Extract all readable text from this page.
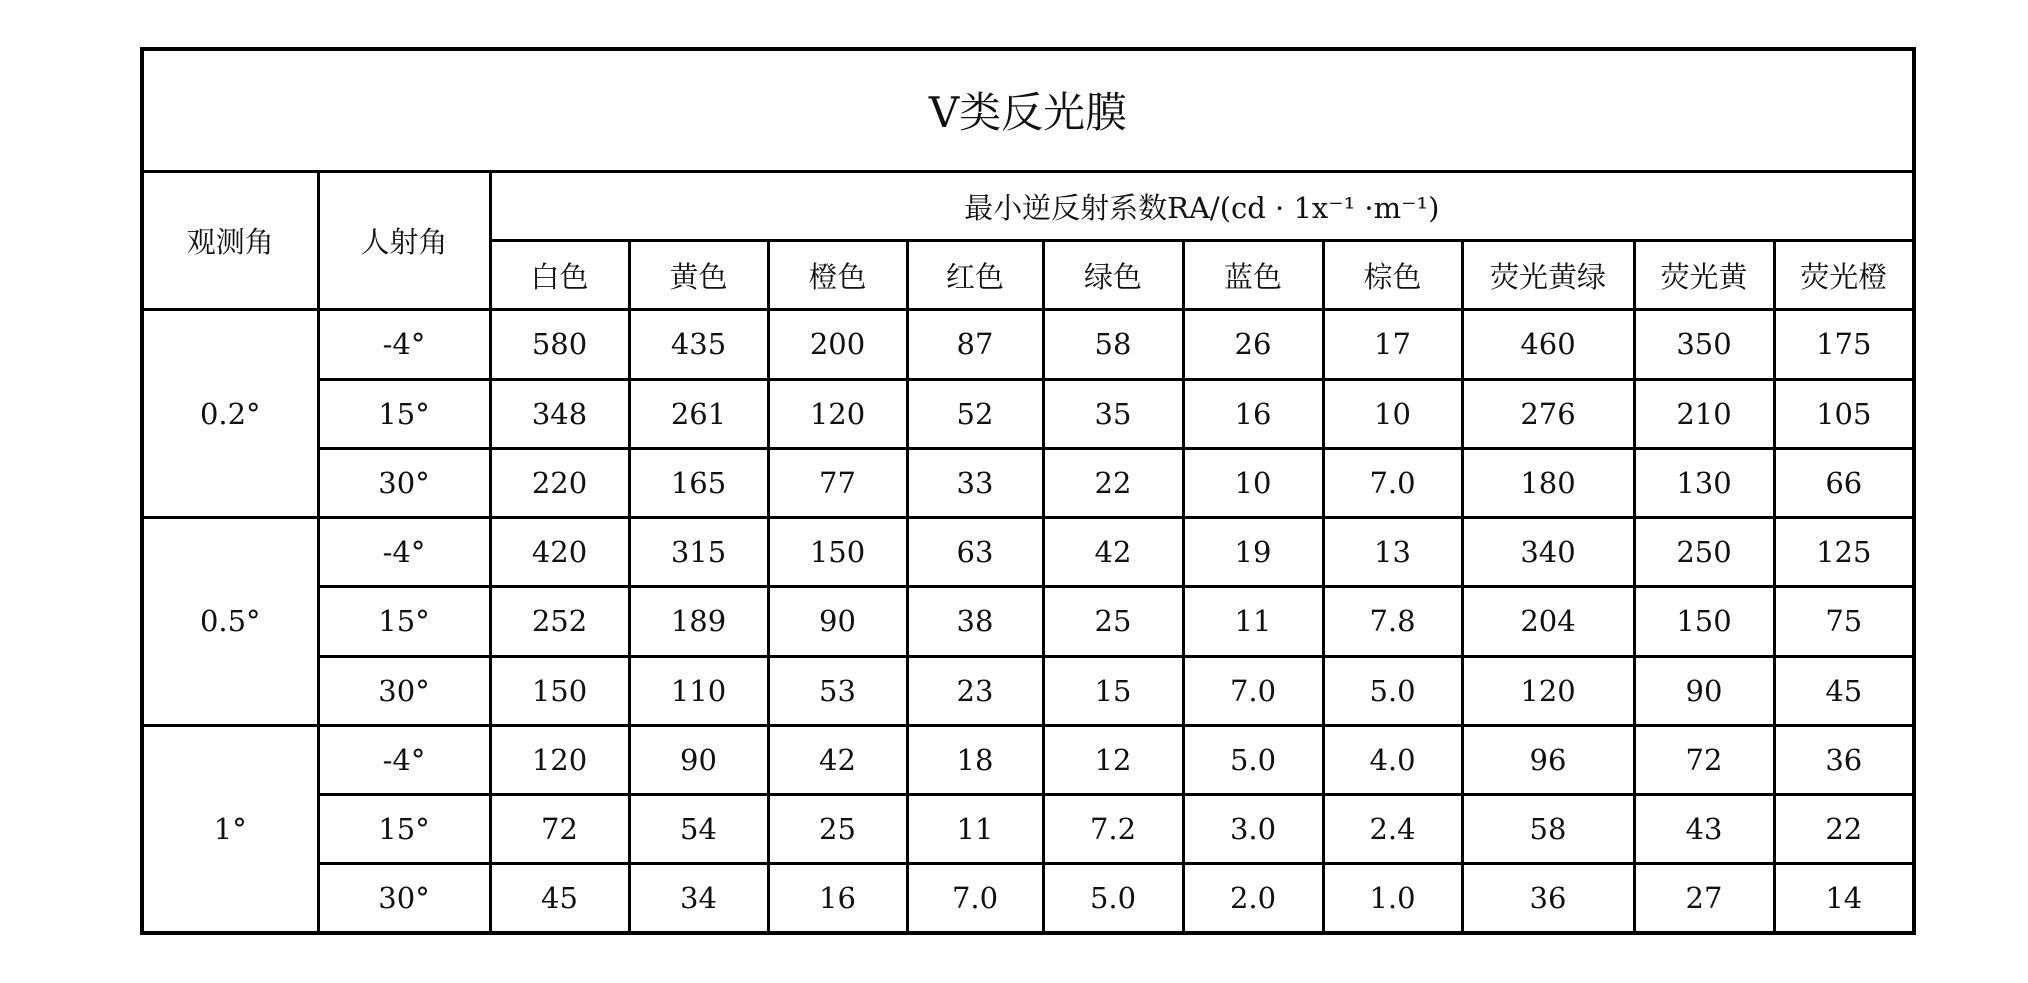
V类反光膜											
观测角	人射角	最小逆反射系数RA/(cd · 1x⁻¹ ·m⁻¹)									
		白色	黄色	橙色	红色	绿色	蓝色	棕色	荧光黄绿	荧光黄	荧光橙
0.2°	-4°	580	435	200	87	58	26	17	460	350	175
	15°	348	261	120	52	35	16	10	276	210	105
	30°	220	165	77	33	22	10	7.0	180	130	66
0.5°	-4°	420	315	150	63	42	19	13	340	250	125
	15°	252	189	90	38	25	11	7.8	204	150	75
	30°	150	110	53	23	15	7.0	5.0	120	90	45
1°	-4°	120	90	42	18	12	5.0	4.0	96	72	36
	15°	72	54	25	11	7.2	3.0	2.4	58	43	22
	30°	45	34	16	7.0	5.0	2.0	1.0	36	27	14
